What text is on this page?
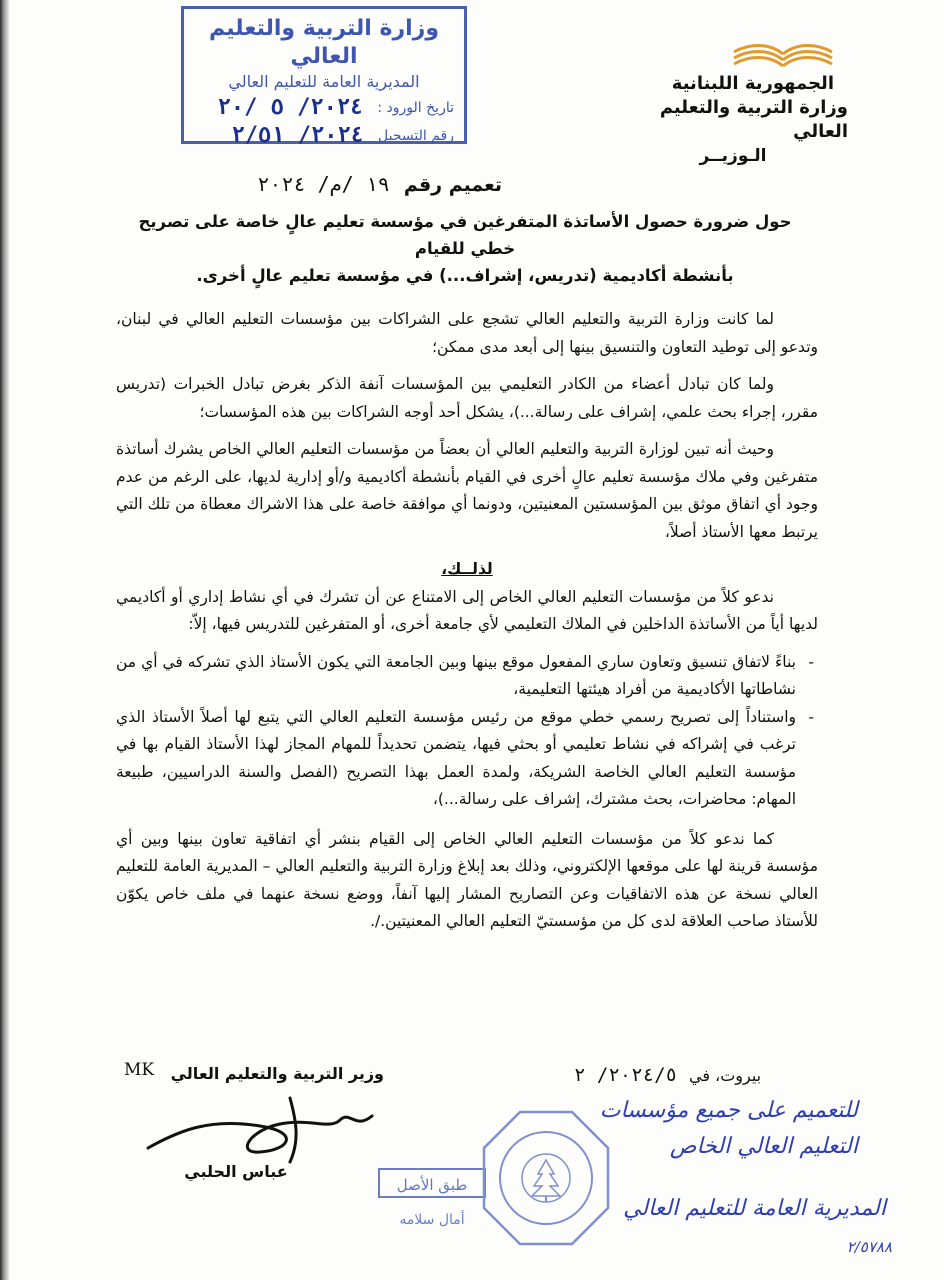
وزارة التربية والتعليم العالي
المديرية العامة للتعليم العالي
تاريخ الورود :
٢٠٢٤/ ٥ /٢٠
رقم التسجيل
٢٠٢٤/ ٢/٥١
الجمهورية اللبنانية
وزارة التربية والتعليم العالي
الـوزيــر
تعميم رقم
١٩ /م/ ٢٠٢٤
حول ضرورة حصول الأساتذة المتفرغين في مؤسسة تعليم عالٍ خاصة على تصريح خطي للقيام
بأنشطة أكاديمية (تدريس، إشراف...) في مؤسسة تعليم عالٍ أخرى.

لما كانت وزارة التربية والتعليم العالي تشجع على الشراكات بين مؤسسات التعليم العالي في لبنان، وتدعو إلى توطيد التعاون والتنسيق بينها إلى أبعد مدى ممكن؛

ولما كان تبادل أعضاء من الكادر التعليمي بين المؤسسات آنفة الذكر بغرض تبادل الخبرات (تدريس مقرر، إجراء بحث علمي، إشراف على رسالة...)، يشكل أحد أوجه الشراكات بين هذه المؤسسات؛

وحيث أنه تبين لوزارة التربية والتعليم العالي أن بعضاً من مؤسسات التعليم العالي الخاص يشرك أساتذة متفرغين وفي ملاك مؤسسة تعليم عالٍ أخرى في القيام بأنشطة أكاديمية و/أو إدارية لديها، على الرغم من عدم وجود أي اتفاق موثق بين المؤسستين المعنيتين، ودونما أي موافقة خاصة على هذا الاشراك معطاة من تلك التي يرتبط معها الأستاذ أصلاً،

لذلــك،

ندعو كلاً من مؤسسات التعليم العالي الخاص إلى الامتناع عن أن تشرك في أي نشاط إداري أو أكاديمي لديها أياً من الأساتذة الداخلين في الملاك التعليمي لأي جامعة أخرى، أو المتفرغين للتدريس فيها، إلاّ:

- بناءً لاتفاق تنسيق وتعاون ساري المفعول موقع بينها وبين الجامعة التي يكون الأستاذ الذي تشركه في أي من نشاطاتها الأكاديمية من أفراد هيئتها التعليمية،
- واستناداً إلى تصريح رسمي خطي موقع من رئيس مؤسسة التعليم العالي التي يتبع لها أصلاً الأستاذ الذي ترغب في إشراكه في نشاط تعليمي أو بحثي فيها، يتضمن تحديداً للمهام المجاز لهذا الأستاذ القيام بها في مؤسسة التعليم العالي الخاصة الشريكة، ولمدة العمل بهذا التصريح (الفصل والسنة الدراسيين، طبيعة المهام: محاضرات، بحث مشترك، إشراف على رسالة...)،

كما ندعو كلاً من مؤسسات التعليم العالي الخاص إلى القيام بنشر أي اتفاقية تعاون بينها وبين أي مؤسسة قرينة لها على موقعها الإلكتروني، وذلك بعد إبلاغ وزارة التربية والتعليم العالي – المديرية العامة للتعليم العالي نسخة عن هذه الاتفاقيات وعن التصاريح المشار إليها آنفاً، ووضع نسخة عنهما في ملف خاص يكوّن للأستاذ صاحب العلاقة لدى كل من مؤسستيّ التعليم العالي المعنيتين./.

بيروت، في
٢٠٢٤/٥/ ٢
وزير التربية والتعليم العالي
MK
عباس الحلبي
طبق الأصل
أمال سلامه
للتعميم على جميع مؤسسات
التعليم العالي الخاص
المديرية العامة للتعليم العالي
٢/٥٧٨٨
